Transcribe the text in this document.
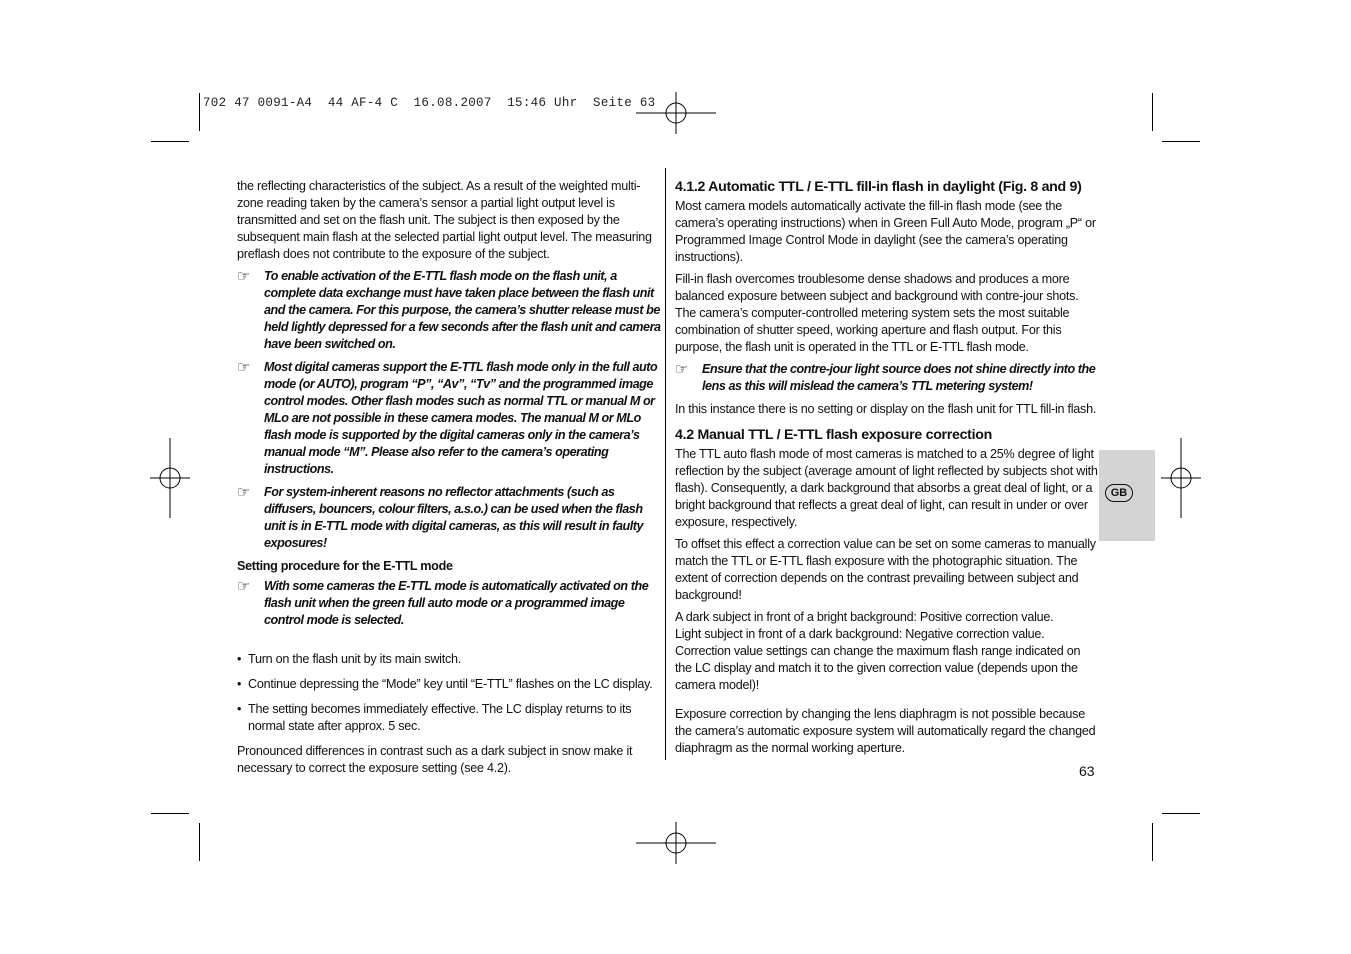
702 47 0091-A4  44 AF-4 C  16.08.2007  15:46 Uhr  Seite 63

the reflecting characteristics of the subject. As a result of the weighted multi-zone reading taken by the camera’s sensor a partial light output level is transmitted and set on the flash unit. The subject is then exposed by the subsequent main flash at the selected partial light output level. The measuring preflash does not contribute to the exposure of the subject.

☞	To enable activation of the E-TTL flash mode on the flash unit, a complete data exchange must have taken place between the flash unit and the camera. For this purpose, the camera’s shutter release must be held lightly depressed for a few seconds after the flash unit and camera have been switched on.
☞	Most digital cameras support the E-TTL flash mode only in the full auto mode (or AUTO), program “P”, “Av”, “Tv” and the programmed image control modes. Other flash modes such as normal TTL or manual M or MLo are not possible in these camera modes. The manual M or MLo flash mode is supported by the digital cameras only in the camera’s manual mode “M”. Please also refer to the camera’s operating instructions.
☞	For system-inherent reasons no reflector attachments (such as diffusers, bouncers, colour filters, a.s.o.) can be used when the flash unit is in E-TTL mode with digital cameras, as this will result in faulty exposures!
Setting procedure for the E-TTL mode
☞	With some cameras the E-TTL mode is automatically activated on the flash unit when the green full auto mode or a programmed image control mode is selected.
• Turn on the flash unit by its main switch.
• Continue depressing the “Mode” key until “E-TTL” flashes on the LC display.
• The setting becomes immediately effective. The LC display returns to its normal state after approx. 5 sec.

Pronounced differences in contrast such as a dark subject in snow make it necessary to correct the exposure setting (see 4.2).

4.1.2 Automatic TTL / E-TTL fill-in flash in daylight (Fig. 8 and 9)

Most camera models automatically activate the fill-in flash mode (see the camera’s operating instructions) when in Green Full Auto Mode, program „P“ or Programmed Image Control Mode in daylight (see the camera’s operating instructions).

Fill-in flash overcomes troublesome dense shadows and produces a more balanced exposure between subject and background with contre-jour shots. The camera’s computer-controlled metering system sets the most suitable combination of shutter speed, working aperture and flash output. For this purpose, the flash unit is operated in the TTL or E-TTL flash mode.

☞	Ensure that the contre-jour light source does not shine directly into the lens as this will mislead the camera’s TTL metering system!

In this instance there is no setting or display on the flash unit for TTL fill-in flash.

4.2 Manual TTL / E-TTL flash exposure correction

The TTL auto flash mode of most cameras is matched to a 25% degree of light reflection by the subject (average amount of light reflected by subjects shot with flash). Consequently, a dark background that absorbs a great deal of light, or a bright background that reflects a great deal of light, can result in under or over exposure, respectively.

To offset this effect a correction value can be set on some cameras to manually match the TTL or E-TTL flash exposure with the photographic situation. The extent of correction depends on the contrast prevailing between subject and background!

A dark subject in front of a bright background: Positive correction value.
Light subject in front of a dark background: Negative correction value.
Correction value settings can change the maximum flash range indicated on the LC display and match it to the given correction value (depends upon the camera model)!

Exposure correction by changing the lens diaphragm is not possible because the camera’s automatic exposure system will automatically regard the changed diaphragm as the normal working aperture.

GB
63
